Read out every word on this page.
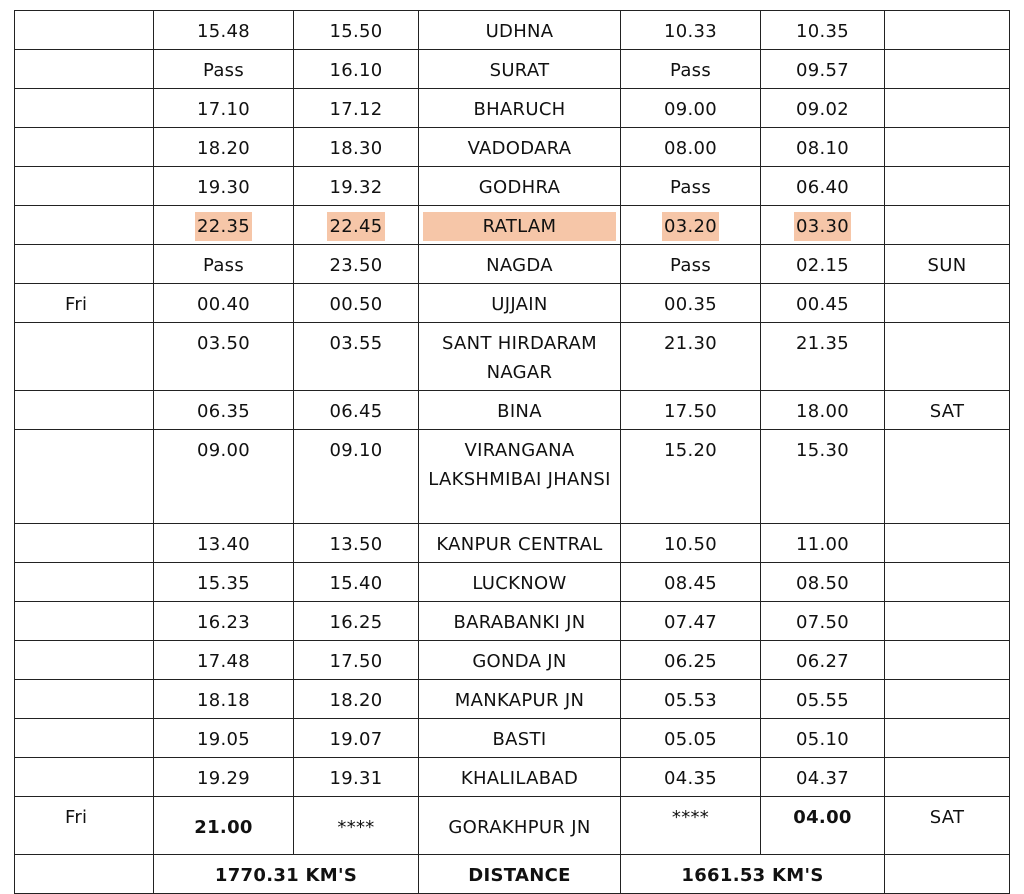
	15.48	15.50	UDHNA	10.33	10.35	
	Pass	16.10	SURAT	Pass	09.57	
	17.10	17.12	BHARUCH	09.00	09.02	
	18.20	18.30	VADODARA	08.00	08.10	
	19.30	19.32	GODHRA	Pass	06.40	
	22.35	22.45	RATLAM	03.20	03.30	
	Pass	23.50	NAGDA	Pass	02.15	SUN
Fri	00.40	00.50	UJJAIN	00.35	00.45	
	03.50	03.55	SANT HIRDARAM NAGAR	21.30	21.35	
	06.35	06.45	BINA	17.50	18.00	SAT
	09.00	09.10	VIRANGANA LAKSHMIBAI JHANSI	15.20	15.30	
	13.40	13.50	KANPUR CENTRAL	10.50	11.00	
	15.35	15.40	LUCKNOW	08.45	08.50	
	16.23	16.25	BARABANKI JN	07.47	07.50	
	17.48	17.50	GONDA JN	06.25	06.27	
	18.18	18.20	MANKAPUR JN	05.53	05.55	
	19.05	19.07	BASTI	05.05	05.10	
	19.29	19.31	KHALILABAD	04.35	04.37	
Fri	21.00	****	GORAKHPUR JN	****	04.00	SAT
	1770.31 KM'S		DISTANCE	1661.53 KM'S		
